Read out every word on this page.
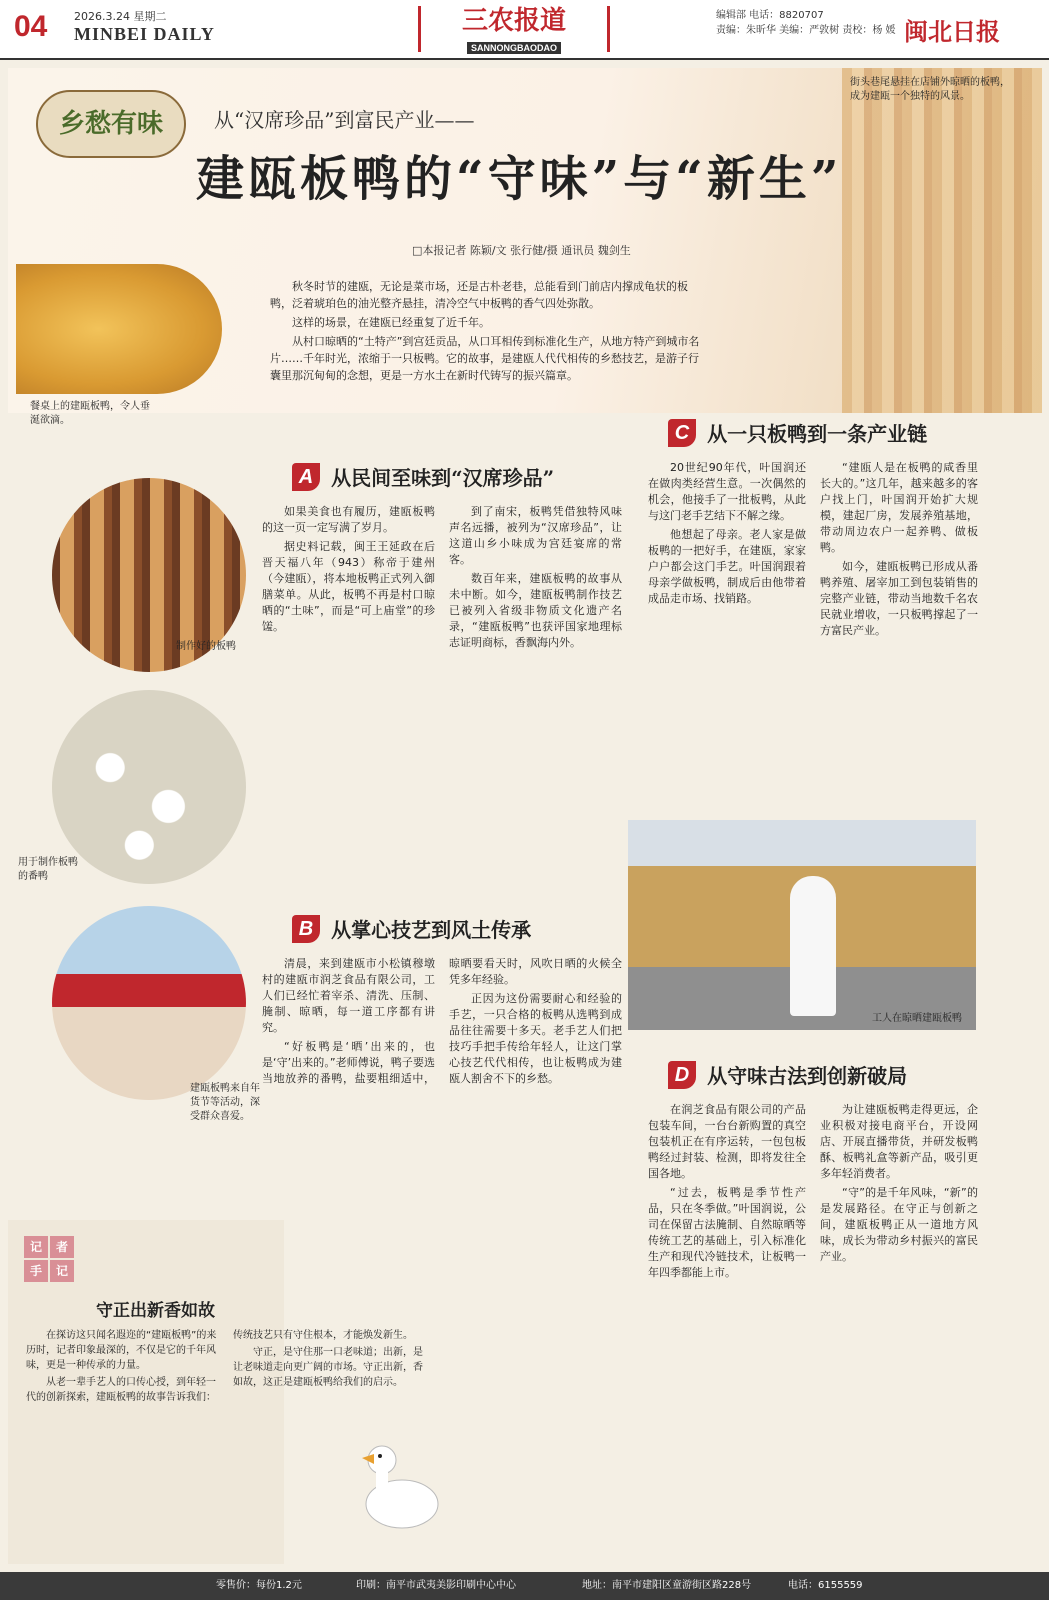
04 2026.3.24 星期二
MINBEI DAILY	三农报道
SANNONGBAODAO
编辑部 电话：8820707
责编：朱昕华 美编：严敦树 责校：杨 媛 闽北日报
乡愁有味	从“汉席珍品”到富民产业——
建瓯板鸭的“守味”与“新生”
□本报记者 陈颖/文 张行健/摄 通讯员 魏剑生
街头巷尾悬挂在店铺外晾晒的板鸭，成为建瓯一个独特的风景。
餐桌上的建瓯板鸭，令人垂涎欲滴。

秋冬时节的建瓯，无论是菜市场，还是古朴老巷，总能看到门前店内撑成龟状的板鸭，泛着琥珀色的油光整齐悬挂，清冷空气中板鸭的香气四处弥散。

这样的场景，在建瓯已经重复了近千年。

从村口晾晒的“土特产”到宫廷贡品，从口耳相传到标准化生产，从地方特产到城市名片……千年时光，浓缩于一只板鸭。它的故事，是建瓯人代代相传的乡愁技艺，是游子行囊里那沉甸甸的念想，更是一方水土在新时代铸写的振兴篇章。

制作好的板鸭
用于制作板鸭的番鸭
建瓯板鸭来自年货节等活动，深受群众喜爱。
A 从民间至味到“汉席珍品”

如果美食也有履历，建瓯板鸭的这一页一定写满了岁月。

据史料记载，闽王王延政在后晋天福八年（943）称帝于建州（今建瓯），将本地板鸭正式列入御膳菜单。从此，板鸭不再是村口晾晒的“土味”，而是“可上庙堂”的珍馐。

到了南宋，板鸭凭借独特风味声名远播，被列为“汉席珍品”，让这道山乡小味成为宫廷宴席的常客。

数百年来，建瓯板鸭的故事从未中断。如今，建瓯板鸭制作技艺已被列入省级非物质文化遗产名录，“建瓯板鸭”也获评国家地理标志证明商标，香飘海内外。

B 从掌心技艺到风土传承

清晨，来到建瓯市小松镇穆墩村的建瓯市润芝食品有限公司，工人们已经忙着宰杀、清洗、压制、腌制、晾晒，每一道工序都有讲究。

“好板鸭是‘晒’出来的，也是‘守’出来的。”老师傅说，鸭子要选当地放养的番鸭，盐要粗细适中，晾晒要看天时，风吹日晒的火候全凭多年经验。

正因为这份需要耐心和经验的手艺，一只合格的板鸭从选鸭到成品往往需要十多天。老手艺人们把技巧手把手传给年轻人，让这门掌心技艺代代相传，也让板鸭成为建瓯人割舍不下的乡愁。

C 从一只板鸭到一条产业链

20世纪90年代，叶国润还在做肉类经营生意。一次偶然的机会，他接手了一批板鸭，从此与这门老手艺结下不解之缘。

他想起了母亲。老人家是做板鸭的一把好手，在建瓯，家家户户都会这门手艺。叶国润跟着母亲学做板鸭，制成后由他带着成品走市场、找销路。

“建瓯人是在板鸭的咸香里长大的。”这几年，越来越多的客户找上门，叶国润开始扩大规模，建起厂房，发展养殖基地，带动周边农户一起养鸭、做板鸭。

如今，建瓯板鸭已形成从番鸭养殖、屠宰加工到包装销售的完整产业链，带动当地数千名农民就业增收，一只板鸭撑起了一方富民产业。

工人在晾晒建瓯板鸭
D 从守味古法到创新破局

在润芝食品有限公司的产品包装车间，一台台新购置的真空包装机正在有序运转，一包包板鸭经过封装、检测，即将发往全国各地。

“过去，板鸭是季节性产品，只在冬季做。”叶国润说，公司在保留古法腌制、自然晾晒等传统工艺的基础上，引入标准化生产和现代冷链技术，让板鸭一年四季都能上市。

为让建瓯板鸭走得更远，企业积极对接电商平台，开设网店、开展直播带货，并研发板鸭酥、板鸭礼盒等新产品，吸引更多年轻消费者。

“守”的是千年风味，“新”的是发展路径。在守正与创新之间，建瓯板鸭正从一道地方风味，成长为带动乡村振兴的富民产业。

记 者手 记
守正出新香如故

在探访这只闻名遐迩的“建瓯板鸭”的来历时，记者印象最深的，不仅是它的千年风味，更是一种传承的力量。

从老一辈手艺人的口传心授，到年轻一代的创新探索，建瓯板鸭的故事告诉我们：传统技艺只有守住根本，才能焕发新生。

守正，是守住那一口老味道；出新，是让老味道走向更广阔的市场。守正出新，香如故，这正是建瓯板鸭给我们的启示。

零售价：每份1.2元	印刷：南平市武夷美影印刷中心中心	地址：南平市建阳区童游街区路228号	电话：6155559
